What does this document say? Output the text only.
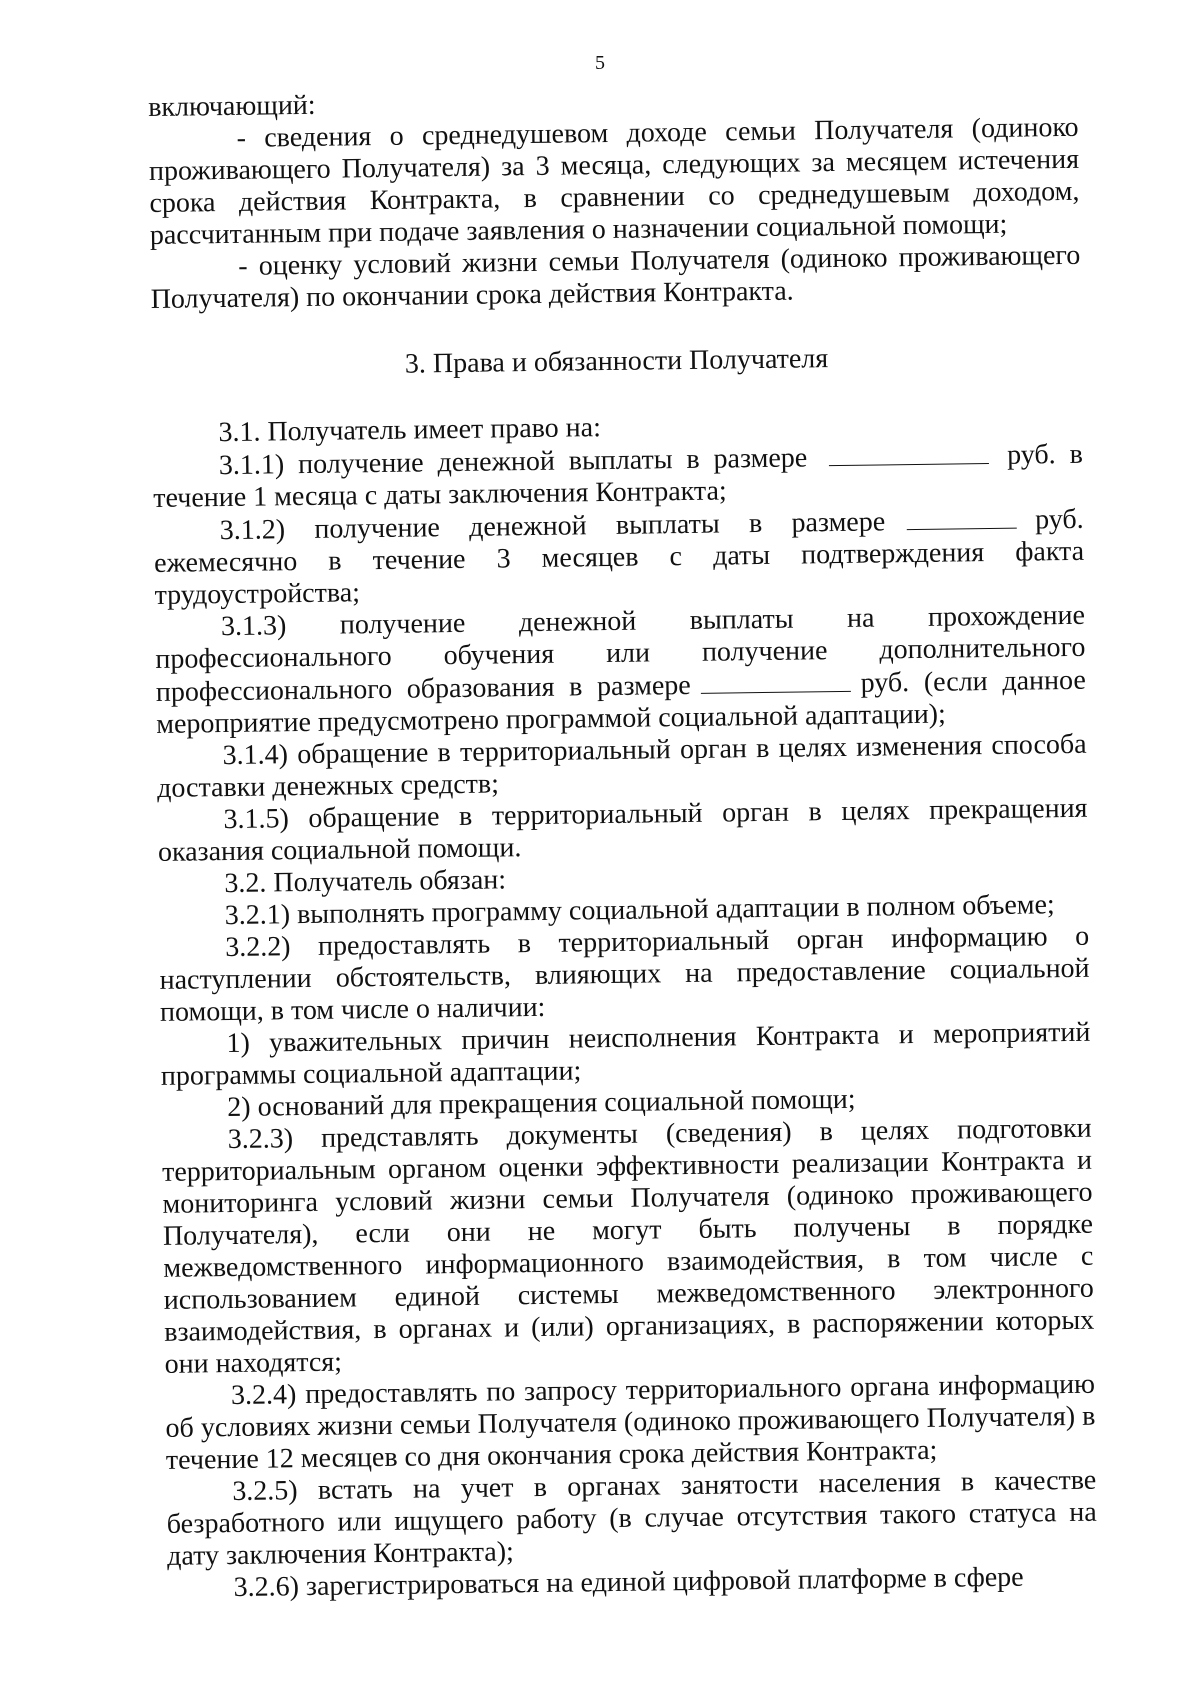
5

включающий:

- сведения о среднедушевом доходе семьи Получателя (одиноко проживающего Получателя) за 3 месяца, следующих за месяцем истечения срока действия Контракта, в сравнении со среднедушевым доходом, рассчитанным при подаче заявления о назначении социальной помощи;

- оценку условий жизни семьи Получателя (одиноко проживающего Получателя) по окончании срока действия Контракта.

3. Права и обязанности Получателя

3.1. Получатель имеет право на:

3.1.1) получение денежной выплаты в размере	руб. в течение 1 месяца с даты заключения Контракта;

3.1.2) получение денежной выплаты в размере	руб. ежемесячно в течение 3 месяцев с даты подтверждения факта трудоустройства;

3.1.3) получение денежной выплаты на прохождение профессионального обучения или получение дополнительного профессионального образования в размере	руб. (если данное мероприятие предусмотрено программой социальной адаптации);

3.1.4) обращение в территориальный орган в целях изменения способа доставки денежных средств;

3.1.5) обращение в территориальный орган в целях прекращения оказания социальной помощи.

3.2. Получатель обязан:

3.2.1) выполнять программу социальной адаптации в полном объеме;

3.2.2) предоставлять в территориальный орган информацию о наступлении обстоятельств, влияющих на предоставление социальной помощи, в том числе о наличии:

1) уважительных причин неисполнения Контракта и мероприятий программы социальной адаптации;

2) оснований для прекращения социальной помощи;

3.2.3) представлять документы (сведения) в целях подготовки территориальным органом оценки эффективности реализации Контракта и мониторинга условий жизни семьи Получателя (одиноко проживающего Получателя), если они не могут быть получены в порядке межведомственного информационного взаимодействия, в том числе с использованием единой системы межведомственного электронного взаимодействия, в органах и (или) организациях, в распоряжении которых они находятся;

3.2.4) предоставлять по запросу территориального органа информацию об условиях жизни семьи Получателя (одиноко проживающего Получателя) в течение 12 месяцев со дня окончания срока действия Контракта;

3.2.5) встать на учет в органах занятости населения в качестве безработного или ищущего работу (в случае отсутствия такого статуса на дату заключения Контракта);

3.2.6) зарегистрироваться на единой цифровой платформе в сфере
